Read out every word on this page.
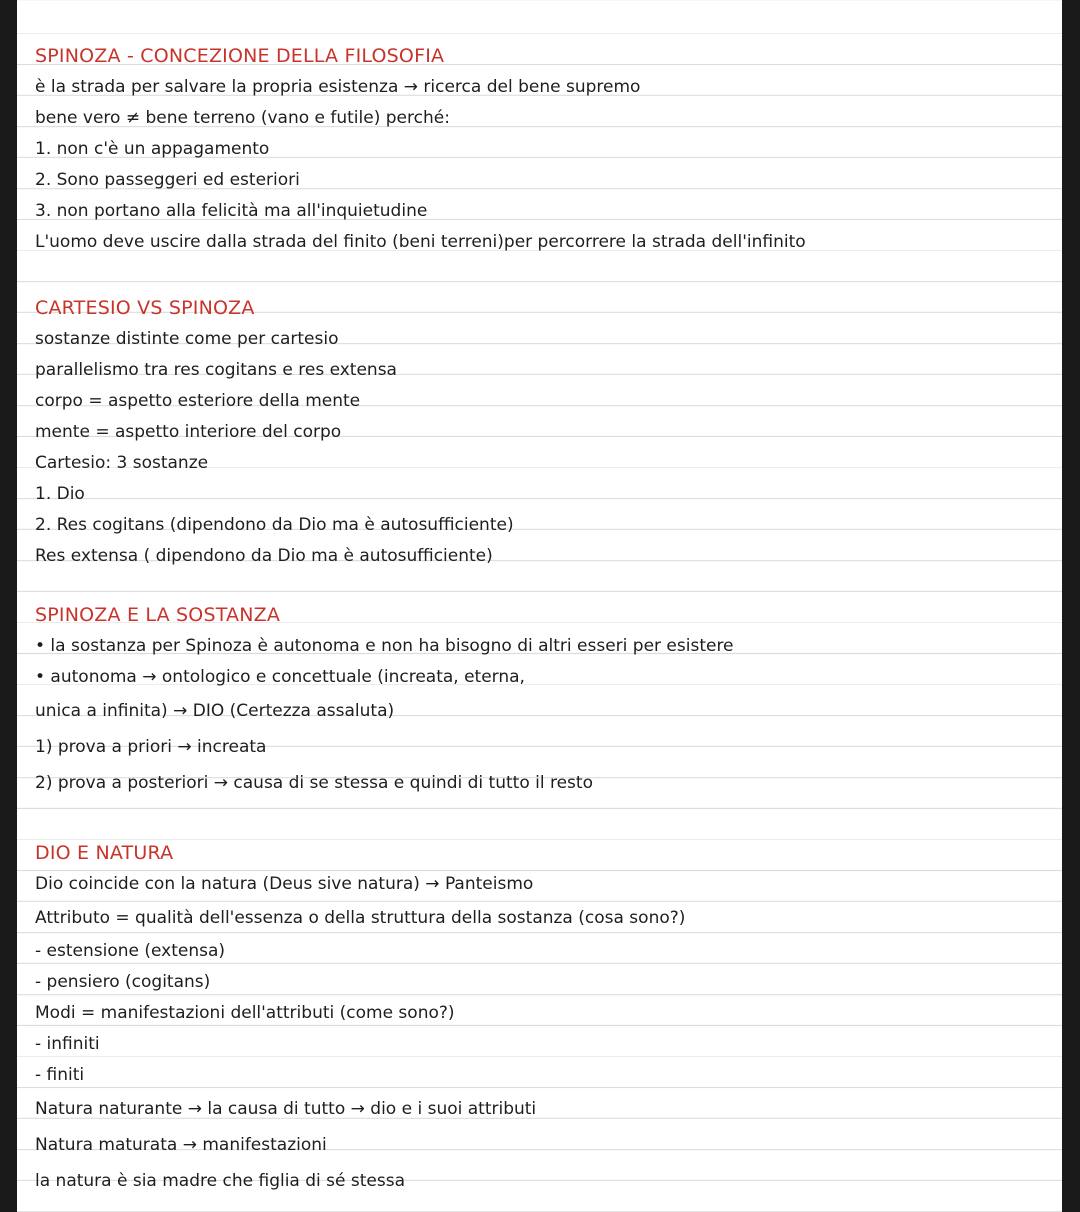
SPINOZA - CONCEZIONE DELLA FILOSOFIA
è la strada per salvare la propria esistenza → ricerca del bene supremo
bene vero ≠ bene terreno (vano e futile) perché:
1. non c'è un appagamento
2. Sono passeggeri ed esteriori
3. non portano alla felicità ma all'inquietudine
L'uomo deve uscire dalla strada del finito (beni terreni)per percorrere la strada dell'infinito
CARTESIO VS SPINOZA
sostanze distinte come per cartesio
parallelismo tra res cogitans e res extensa
corpo = aspetto esteriore della mente
mente = aspetto interiore del corpo
Cartesio: 3 sostanze
1. Dio
2. Res cogitans (dipendono da Dio ma è autosufficiente)
Res extensa ( dipendono da Dio ma è autosufficiente)
SPINOZA E LA SOSTANZA
• la sostanza per Spinoza è autonoma e non ha bisogno di altri esseri per esistere
• autonoma → ontologico e concettuale (increata, eterna,
unica a infinita) → DIO (Certezza assaluta)
1) prova a priori → increata
2) prova a posteriori → causa di se stessa e quindi di tutto il resto
DIO E NATURA
Dio coincide con la natura (Deus sive natura) → Panteismo
Attributo = qualità dell'essenza o della struttura della sostanza (cosa sono?)
- estensione (extensa)
- pensiero (cogitans)
Modi = manifestazioni dell'attributi (come sono?)
- infiniti
- finiti
Natura naturante → la causa di tutto → dio e i suoi attributi
Natura maturata → manifestazioni
la natura è sia madre che figlia di sé stessa
